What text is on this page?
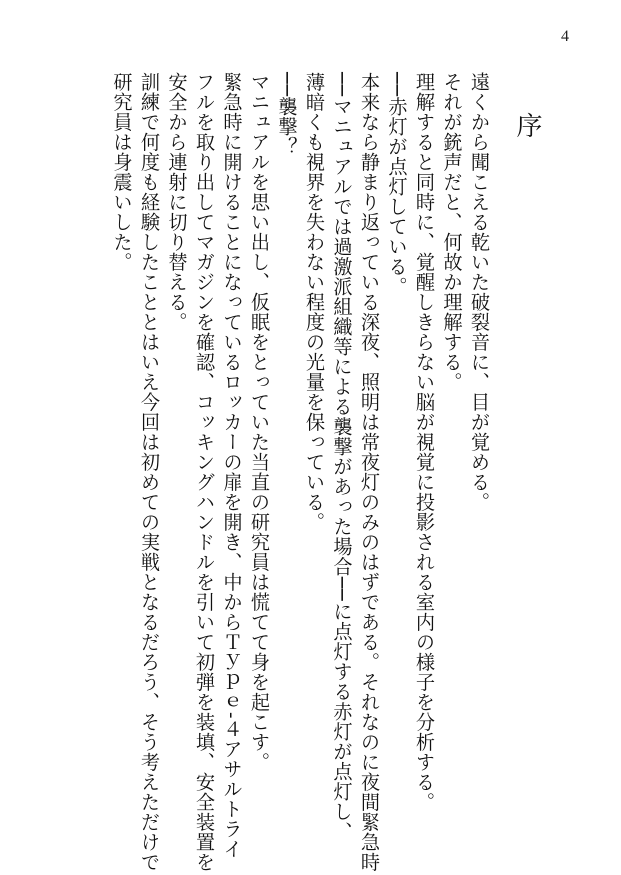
4
序

遠くから聞こえる乾いた破裂音に、目が覚める。

それが銃声だと、何故か理解する。

理解すると同時に、覚醒しきらない脳が視覚に投影される室内の様子を分析する。

──赤灯が点灯している。

本来なら静まり返っている深夜、照明は常夜灯のみのはずである。それなのに夜間緊急時

──マニュアルでは過激派組織等による襲撃があった場合──に点灯する赤灯が点灯し、

薄暗くも視界を失わない程度の光量を保っている。

──襲撃？

マニュアルを思い出し、仮眠をとっていた当直の研究員は慌てて身を起こす。

緊急時に開けることになっているロッカーの扉を開き、中からＴｙｐｅ‐４アサルトライ

フルを取り出してマガジンを確認、コッキングハンドルを引いて初弾を装填、安全装置を

安全から連射に切り替える。

訓練で何度も経験したこととはいえ今回は初めての実戦となるだろう、そう考えただけで

研究員は身震いした。
